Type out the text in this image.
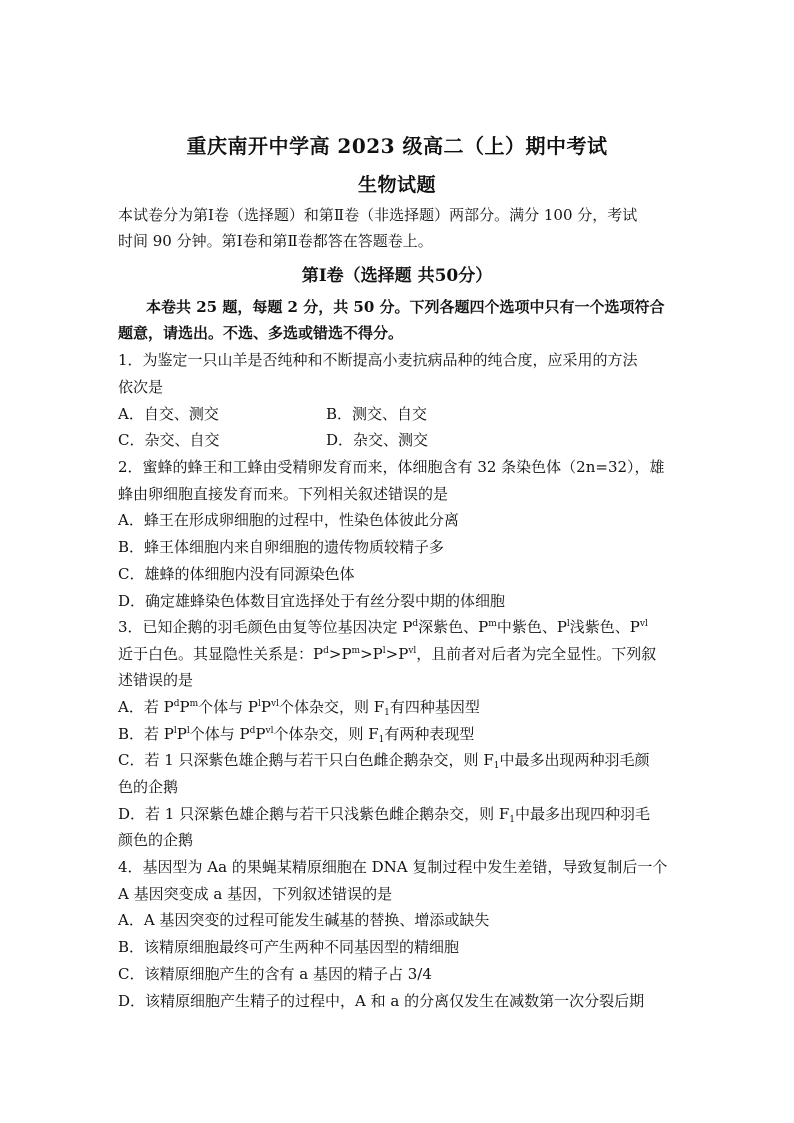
重庆南开中学高 2023 级高二（上）期中考试
生物试题
本试卷分为第Ⅰ卷（选择题）和第Ⅱ卷（非选择题）两部分。满分 100 分，考试
时间 90 分钟。第Ⅰ卷和第Ⅱ卷都答在答题卷上。
第Ⅰ卷（选择题 共50分）
本卷共 25 题，每题 2 分，共 50 分。下列各题四个选项中只有一个选项符合
题意，请选出。不选、多选或错选不得分。
1．为鉴定一只山羊是否纯种和不断提高小麦抗病品种的纯合度，应采用的方法
依次是
A．自交、测交	B．测交、自交
C．杂交、自交	D．杂交、测交
2．蜜蜂的蜂王和工蜂由受精卵发育而来，体细胞含有 32 条染色体（2n=32），雄
蜂由卵细胞直接发育而来。下列相关叙述错误的是
A．蜂王在形成卵细胞的过程中，性染色体彼此分离
B．蜂王体细胞内来自卵细胞的遗传物质较精子多
C．雄蜂的体细胞内没有同源染色体
D．确定雄蜂染色体数目宜选择处于有丝分裂中期的体细胞
3．已知企鹅的羽毛颜色由复等位基因决定 $P^d$深紫色、$P^m$中紫色、$P^l$浅紫色、$P^{vl}$
近于白色。其显隐性关系是：$P^d>P^m>P^l>P^{vl}$，且前者对后者为完全显性。下列叙
述错误的是
A．若 $P^dP^m$个体与 $P^lP^{vl}$个体杂交，则 $F_1$有四种基因型
B．若 $P^lP^l$个体与 $P^dP^{vl}$个体杂交，则 $F_1$有两种表现型
C．若 1 只深紫色雄企鹅与若干只白色雌企鹅杂交，则 $F_1$中最多出现两种羽毛颜
色的企鹅
D．若 1 只深紫色雄企鹅与若干只浅紫色雌企鹅杂交，则 $F_1$中最多出现四种羽毛
颜色的企鹅
4．基因型为 Aa 的果蝇某精原细胞在 DNA 复制过程中发生差错，导致复制后一个
A 基因突变成 a 基因，下列叙述错误的是
A．A 基因突变的过程可能发生碱基的替换、增添或缺失
B．该精原细胞最终可产生两种不同基因型的精细胞
C．该精原细胞产生的含有 a 基因的精子占 3/4
D．该精原细胞产生精子的过程中，A 和 a 的分离仅发生在减数第一次分裂后期
